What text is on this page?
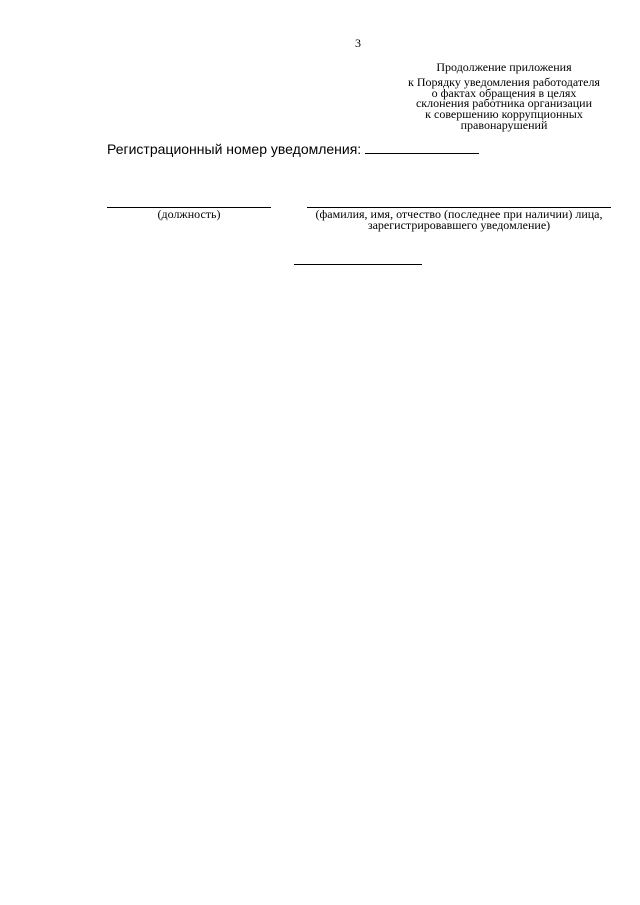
3
Продолжение приложения
к Порядку уведомления работодателя
о фактах обращения в целях
склонения работника организации
к совершению коррупционных
правонарушений
Регистрационный номер уведомления:
(должность)	(фамилия, имя, отчество (последнее при наличии) лица,
зарегистрировавшего уведомление)
